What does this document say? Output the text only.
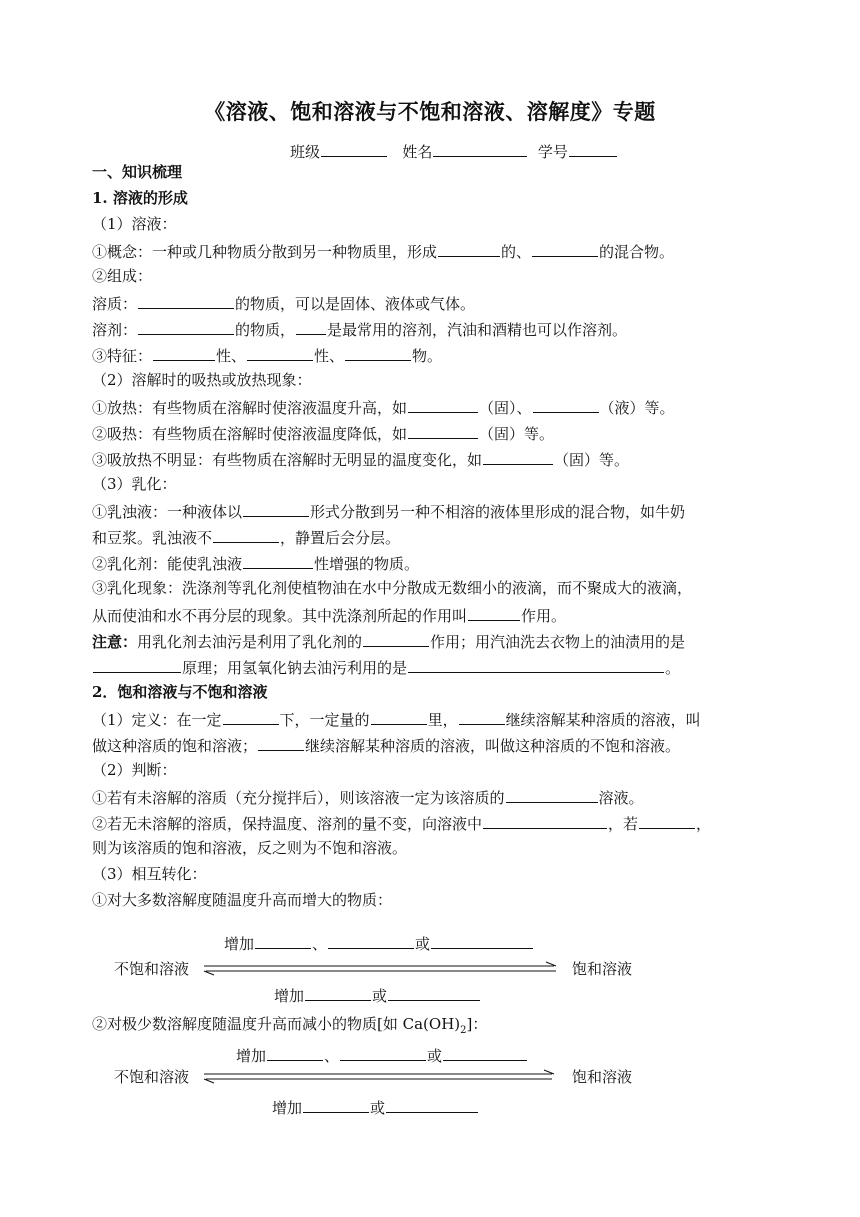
《溶液、饱和溶液与不饱和溶液、溶解度》专题
班级	姓名	学号
一、知识梳理
1. 溶液的形成
（1）溶液：
①概念：一种或几种物质分散到另一种物质里，形成	的、	的混合物。
②组成：
溶质：	的物质，可以是固体、液体或气体。
溶剂：	的物质， 是最常用的溶剂，汽油和酒精也可以作溶剂。
③特征：	性、	性、	物。
（2）溶解时的吸热或放热现象：
①放热：有些物质在溶解时使溶液温度升高，如	（固）、	（液）等。
②吸热：有些物质在溶解时使溶液温度降低，如	（固）等。
③吸放热不明显：有些物质在溶解时无明显的温度变化，如	（固）等。
（3）乳化：
①乳浊液：一种液体以	形式分散到另一种不相溶的液体里形成的混合物，如牛奶
和豆浆。乳浊液不	，静置后会分层。
②乳化剂：能使乳浊液	性增强的物质。
③乳化现象：洗涤剂等乳化剂使植物油在水中分散成无数细小的液滴，而不聚成大的液滴，
从而使油和水不再分层的现象。其中洗涤剂所起的作用叫	作用。
注意：用乳化剂去油污是利用了乳化剂的	作用；用汽油洗去衣物上的油渍用的是
原理；用氢氧化钠去油污利用的是	。
2．饱和溶液与不饱和溶液
（1）定义：在一定	下，一定量的	里，	继续溶解某种溶质的溶液，叫
做这种溶质的饱和溶液；	继续溶解某种溶质的溶液，叫做这种溶质的不饱和溶液。
（2）判断：
①若有未溶解的溶质（充分搅拌后），则该溶液一定为该溶质的	溶液。
②若无未溶解的溶质，保持温度、溶剂的量不变，向溶液中	，若	，
则为该溶质的饱和溶液，反之则为不饱和溶液。
（3）相互转化：
①对大多数溶解度随温度升高而增大的物质：
增加	、	或
不饱和溶液	饱和溶液
增加	或
②对极少数溶解度随温度升高而减小的物质[如 $Ca(OH)_2$]：
增加	、	或
不饱和溶液	饱和溶液
增加	或
